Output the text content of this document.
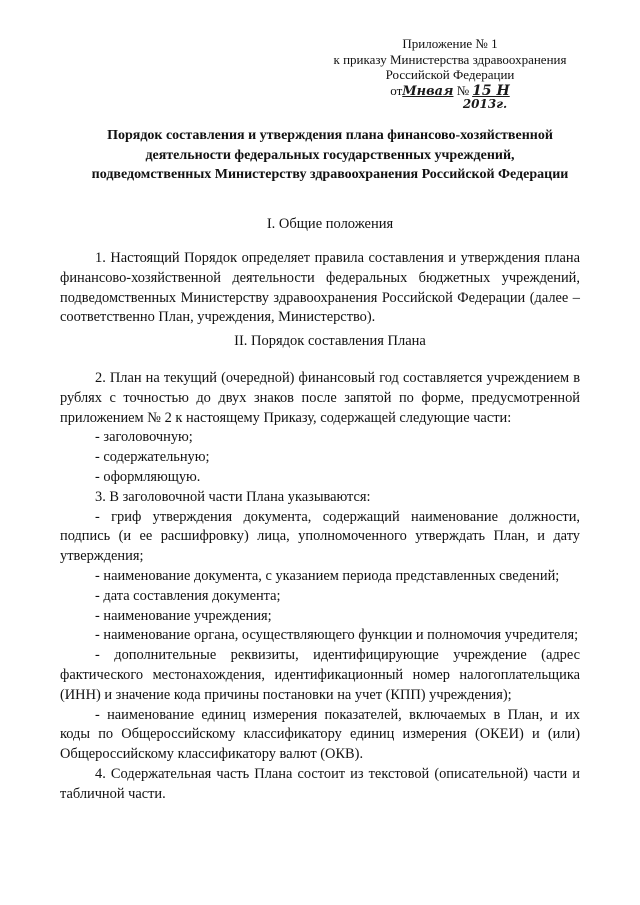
Приложение № 1
к приказу Министерства здравоохранения
Российской Федерации
отМнвая № 15 Н
2013г.
Порядок составления и утверждения плана финансово-хозяйственной
деятельности федеральных государственных учреждений,
подведомственных Министерству здравоохранения Российской Федерации
I. Общие положения

1. Настоящий Порядок определяет правила составления и утверждения плана финансово-хозяйственной деятельности федеральных бюджетных учреждений, подведомственных Министерству здравоохранения Российской Федерации (далее – соответственно План, учреждения, Министерство).

II. Порядок составления Плана

2. План на текущий (очередной) финансовый год составляется учреждением в рублях с точностью до двух знаков после запятой по форме, предусмотренной приложением № 2 к настоящему Приказу, содержащей следующие части:

- заголовочную;

- содержательную;

- оформляющую.

3. В заголовочной части Плана указываются:

- гриф утверждения документа, содержащий наименование должности, подпись (и ее расшифровку) лица, уполномоченного утверждать План, и дату утверждения;

- наименование документа, с указанием периода представленных сведений;

- дата составления документа;

- наименование учреждения;

- наименование органа, осуществляющего функции и полномочия учредителя;

- дополнительные реквизиты, идентифицирующие учреждение (адрес фактического местонахождения, идентификационный номер налогоплательщика (ИНН) и значение кода причины постановки на учет (КПП) учреждения);

- наименование единиц измерения показателей, включаемых в План, и их коды по Общероссийскому классификатору единиц измерения (ОКЕИ) и (или) Общероссийскому классификатору валют (ОКВ).

4. Содержательная часть Плана состоит из текстовой (описательной) части и табличной части.
